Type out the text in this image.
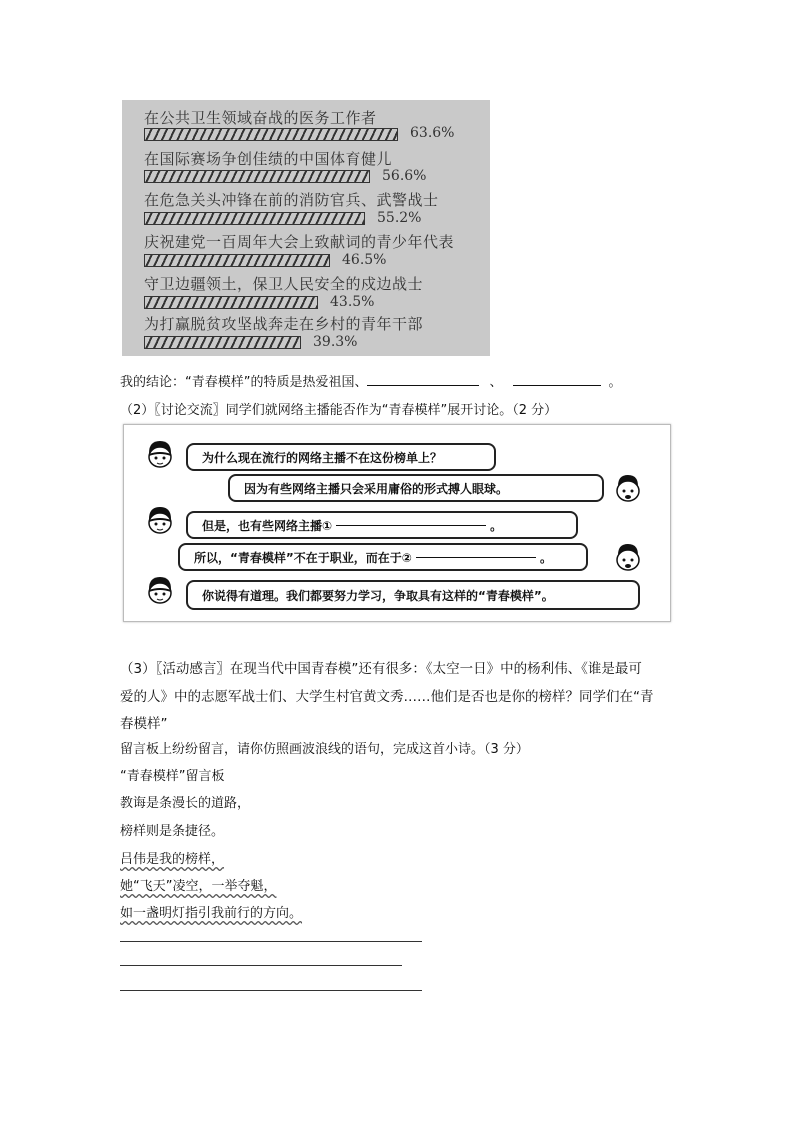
在公共卫生领域奋战的医务工作者
63.6%
在国际赛场争创佳绩的中国体育健儿
56.6%
在危急关头冲锋在前的消防官兵、武警战士
55.2%
庆祝建党一百周年大会上致献词的青少年代表
46.5%
守卫边疆领土，保卫人民安全的戍边战士
43.5%
为打赢脱贫攻坚战奔走在乡村的青年干部
39.3%
我的结论：“青春模样”的特质是热爱祖国、	、	。
（2）〖讨论交流〗同学们就网络主播能否作为“青春模样”展开讨论。（2 分）
为什么现在流行的网络主播不在这份榜单上？
因为有些网络主播只会采用庸俗的形式搏人眼球。
但是，也有些网络主播①	。
所以，“青春模样”不在于职业，而在于②	。
你说得有道理。我们都要努力学习，争取具有这样的“青春模样”。
（3）〖活动感言〗在现当代中国青春模”还有很多：《太空一日》中的杨利伟、《谁是最可
爱的人》中的志愿军战士们、大学生村官黄文秀……他们是否也是你的榜样？同学们在“青
春模样”
留言板上纷纷留言，请你仿照画波浪线的语句，完成这首小诗。（3 分）
“青春模样”留言板
教诲是条漫长的道路，
榜样则是条捷径。
吕伟是我的榜样，
她“飞天”凌空，一举夺魁，
如一盏明灯指引我前行的方向。
